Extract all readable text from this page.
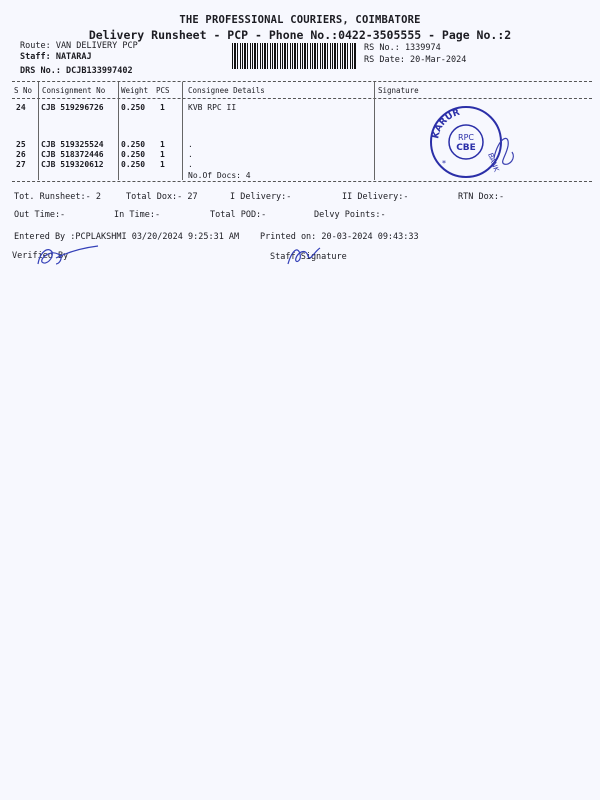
THE PROFESSIONAL COURIERS, COIMBATORE
Delivery Runsheet - PCP - Phone No.:0422-3505555 - Page No.:2
Route: VAN DELIVERY PCP
Staff: NATARAJ
DRS No.: DCJB133997402
RS No.: 1339974
RS Date: 20-Mar-2024
S No Consignment No Weight PCS Consignee Details	Signature
24 CJB 519296726 0.250 1	KVB RPC II
25 CJB 519325524 0.250 1	.
26 CJB 518372446 0.250 1	.
27 CJB 519320612 0.250 1	.
No.Of Docs: 4
KARUR
BANK
RPC
CBE
*
Tot. Runsheet:- 2	Total Dox:- 27	I Delivery:-	II Delivery:-	RTN Dox:-
Out Time:-	In Time:-	Total POD:-	Delvy Points:-
Entered By :PCPLAKSHMI 03/20/2024 9:25:31 AM Printed on: 20-03-2024 09:43:33
Verified By	Staff Signature
